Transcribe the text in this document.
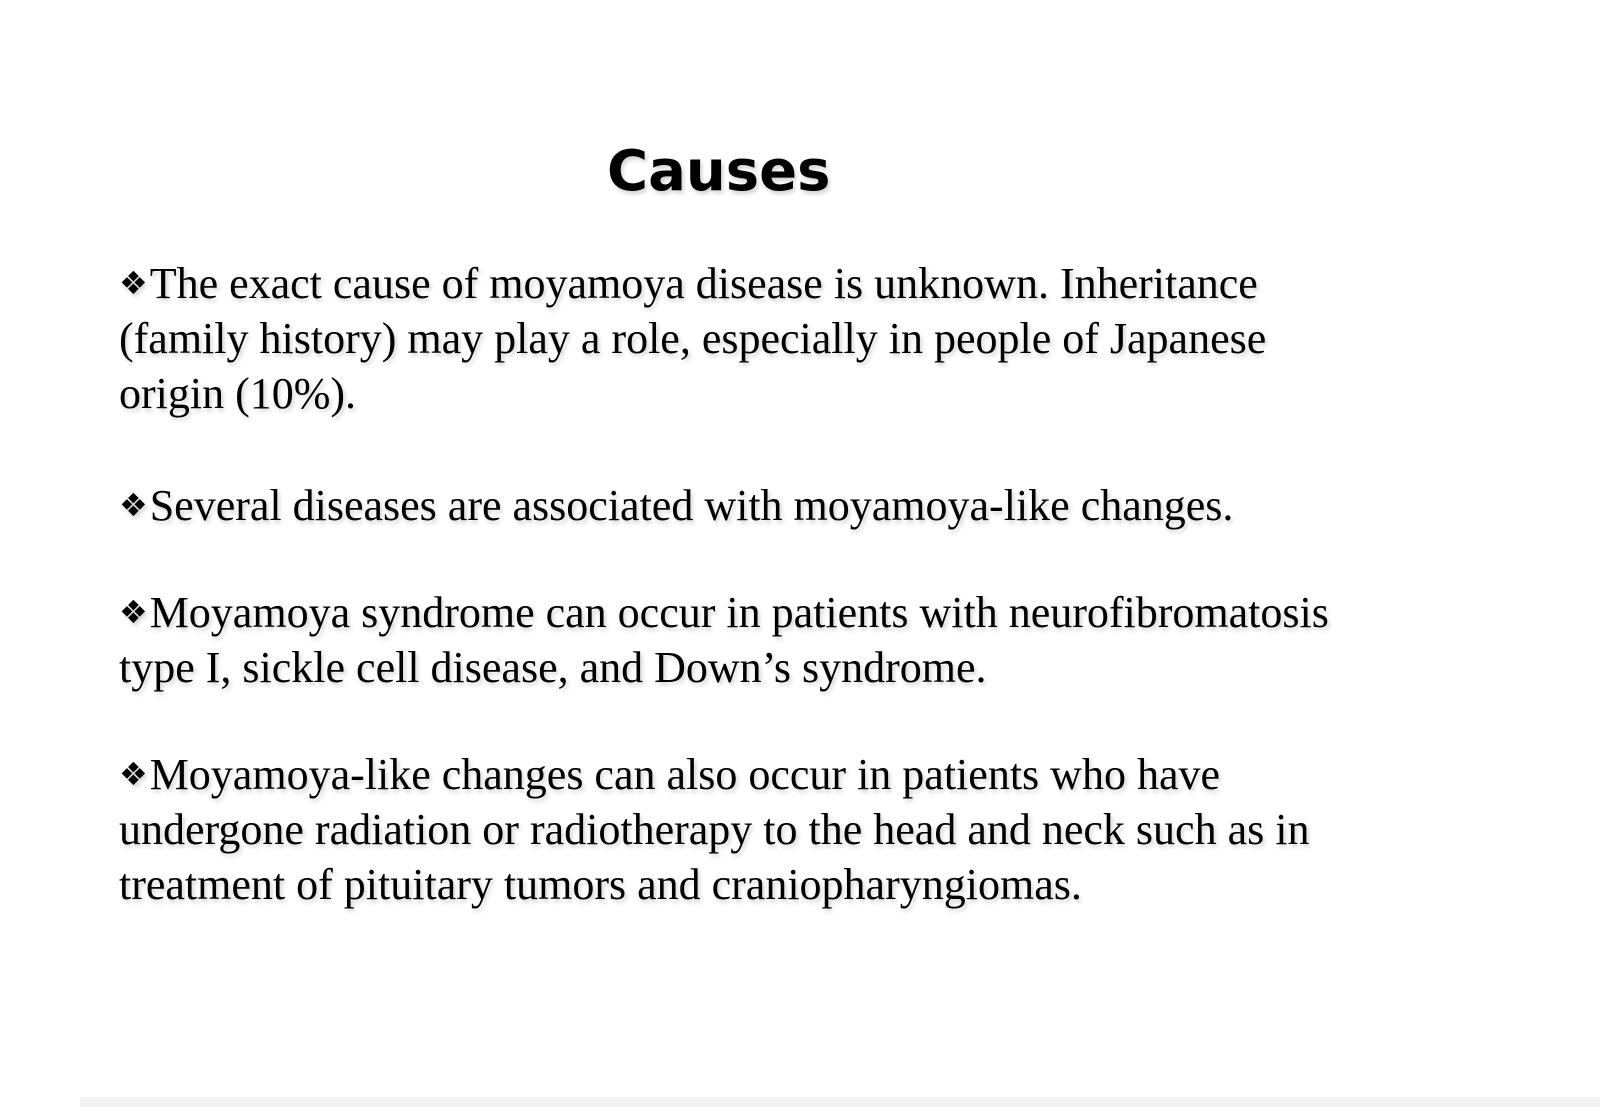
Causes
❖The exact cause of moyamoya disease is unknown. Inheritance
(family history) may play a role, especially in people of Japanese
origin (10%).
❖Several diseases are associated with moyamoya-like changes.
❖Moyamoya syndrome can occur in patients with neurofibromatosis
type I, sickle cell disease, and Down’s syndrome.
❖Moyamoya-like changes can also occur in patients who have
undergone radiation or radiotherapy to the head and neck such as in
treatment of pituitary tumors and craniopharyngiomas.
